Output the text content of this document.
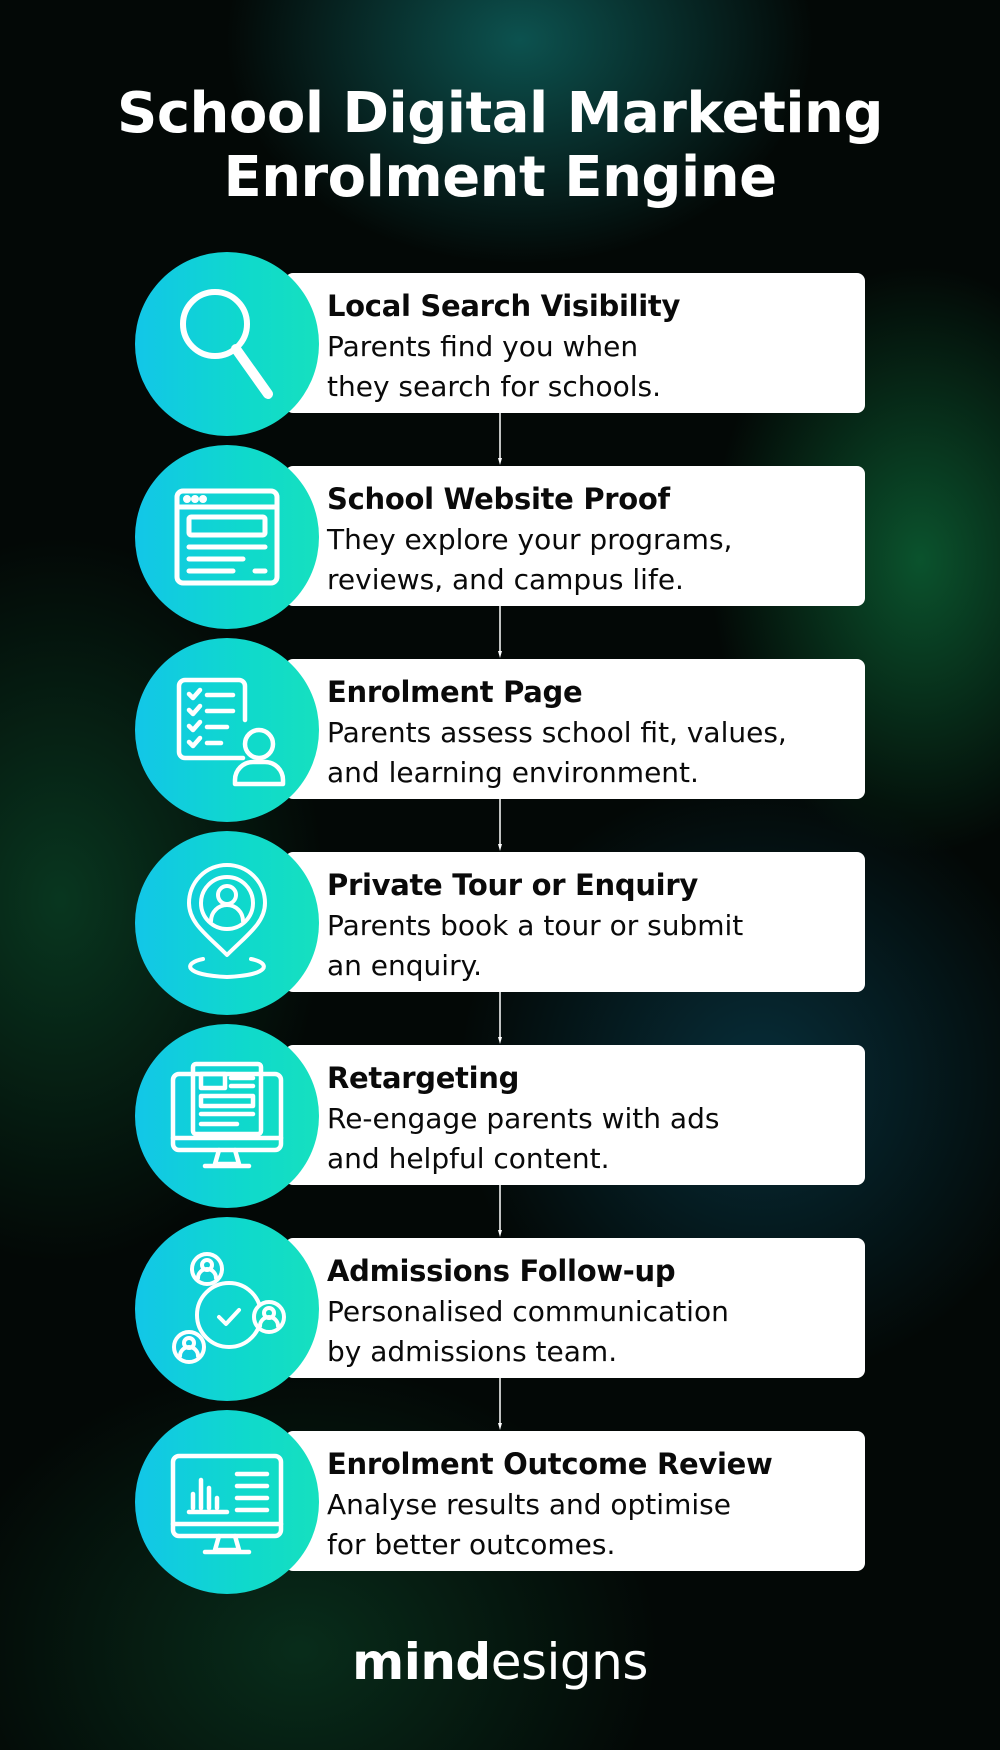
School Digital Marketing
Enrolment Engine

Local Search Visibility

Parents find you when
they search for schools.

School Website Proof

They explore your programs,
reviews, and campus life.

Enrolment Page

Parents assess school fit, values,
and learning environment.

Private Tour or Enquiry

Parents book a tour or submit
an enquiry.

Retargeting

Re-engage parents with ads
and helpful content.

Admissions Follow-up

Personalised communication
by admissions team.

Enrolment Outcome Review

Analyse results and optimise
for better outcomes.

mindesigns
